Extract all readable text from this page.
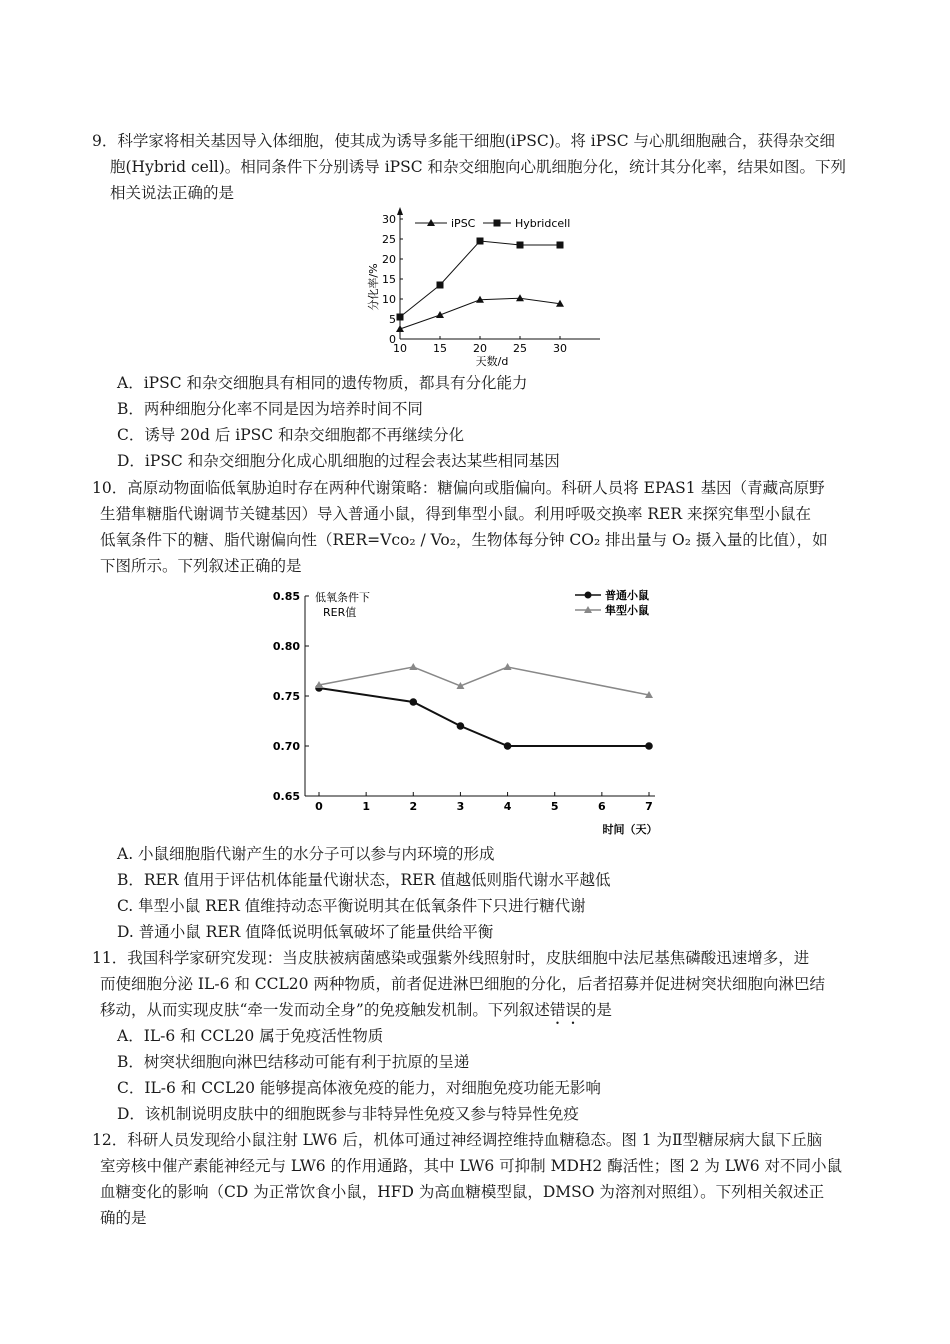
9．科学家将相关基因导入体细胞，使其成为诱导多能干细胞(iPSC)。将 iPSC 与心肌细胞融合，获得杂交细
胞(Hybrid cell)。相同条件下分别诱导 iPSC 和杂交细胞向心肌细胞分化，统计其分化率，结果如图。下列
相关说法正确的是
0
5
10
15
20
25
30
10 15 20 25 30
iPSC	Hybridcell
分化率/%
天数/d
A．iPSC 和杂交细胞具有相同的遗传物质，都具有分化能力
B．两种细胞分化率不同是因为培养时间不同
C．诱导 20d 后 iPSC 和杂交细胞都不再继续分化
D．iPSC 和杂交细胞分化成心肌细胞的过程会表达某些相同基因
10．高原动物面临低氧胁迫时存在两种代谢策略：糖偏向或脂偏向。科研人员将 EPAS1 基因（青藏高原野
生猎隼糖脂代谢调节关键基因）导入普通小鼠，得到隼型小鼠。利用呼吸交换率 RER 来探究隼型小鼠在
低氧条件下的糖、脂代谢偏向性（RER=Vco₂ / Vo₂，生物体每分钟 CO₂ 排出量与 O₂ 摄入量的比值），如
下图所示。下列叙述正确的是
0.65
0.70
0.75
0.80
0.85
0	1	2	3	4	5	6	7
低氧条件下
RER值
普通小鼠
隼型小鼠
时间（天）
A. 小鼠细胞脂代谢产生的水分子可以参与内环境的形成
B．RER 值用于评估机体能量代谢状态，RER 值越低则脂代谢水平越低
C. 隼型小鼠 RER 值维持动态平衡说明其在低氧条件下只进行糖代谢
D. 普通小鼠 RER 值降低说明低氧破坏了能量供给平衡
11．我国科学家研究发现：当皮肤被病菌感染或强紫外线照射时，皮肤细胞中法尼基焦磷酸迅速增多，进
而使细胞分泌 IL-6 和 CCL20 两种物质，前者促进淋巴细胞的分化，后者招募并促进树突状细胞向淋巴结
移动，从而实现皮肤“牵一发而动全身”的免疫触发机制。下列叙述错误的是
A．IL-6 和 CCL20 属于免疫活性物质
B．树突状细胞向淋巴结移动可能有利于抗原的呈递
C．IL-6 和 CCL20 能够提高体液免疫的能力，对细胞免疫功能无影响
D．该机制说明皮肤中的细胞既参与非特异性免疫又参与特异性免疫
12．科研人员发现给小鼠注射 LW6 后，机体可通过神经调控维持血糖稳态。图 1 为Ⅱ型糖尿病大鼠下丘脑
室旁核中催产素能神经元与 LW6 的作用通路，其中 LW6 可抑制 MDH2 酶活性；图 2 为 LW6 对不同小鼠
血糖变化的影响（CD 为正常饮食小鼠，HFD 为高血糖模型鼠，DMSO 为溶剂对照组）。下列相关叙述正
确的是
